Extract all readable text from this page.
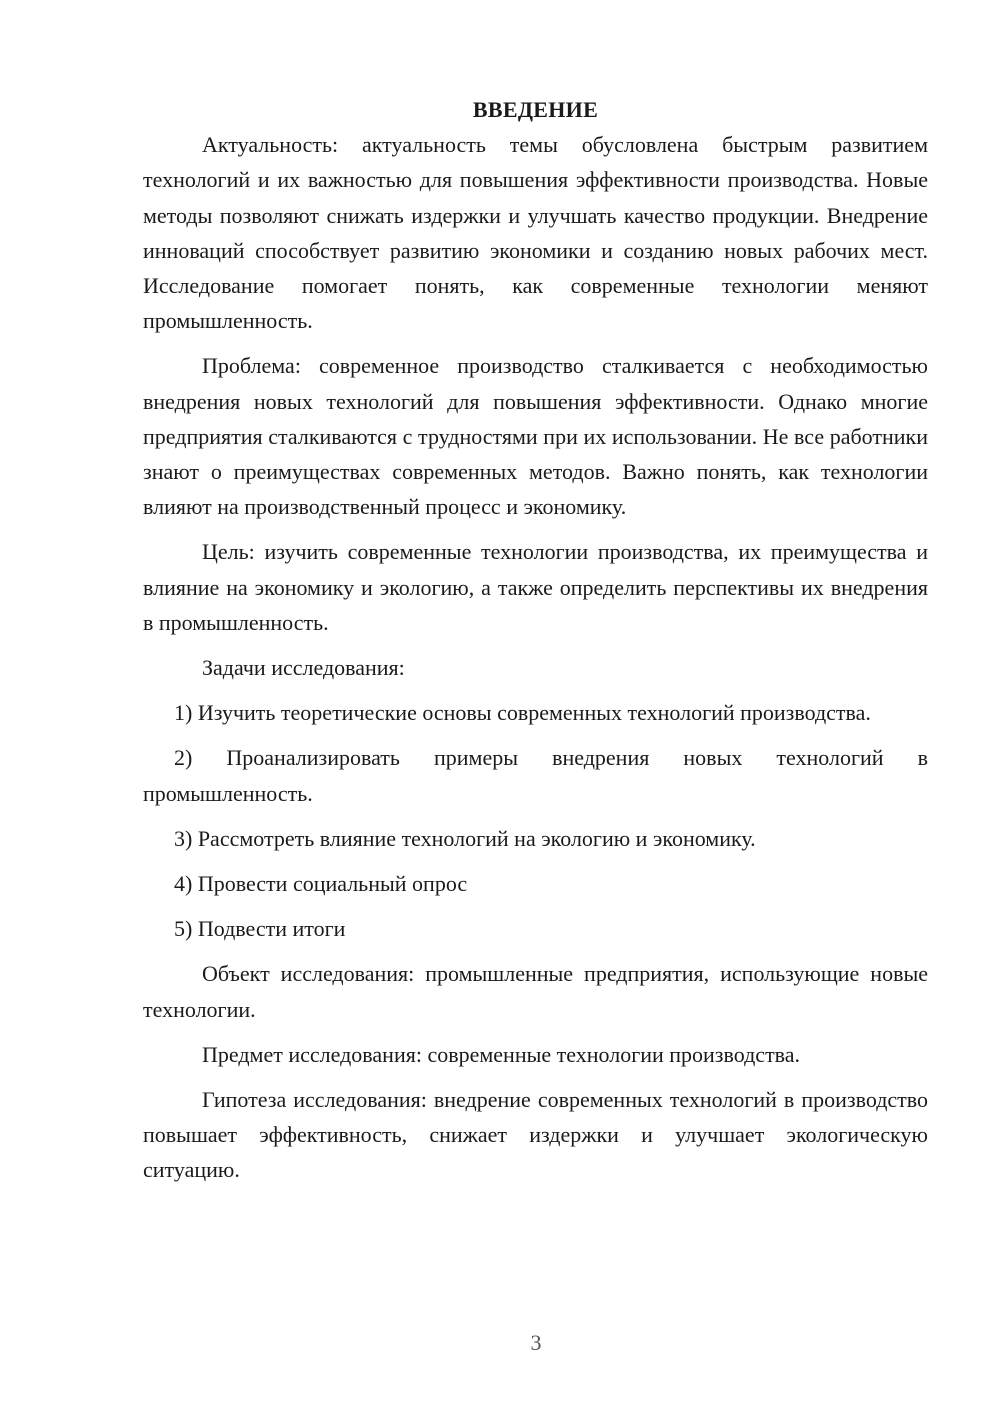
ВВЕДЕНИЕ

Актуальность: актуальность темы обусловлена быстрым развитием технологий и их важностью для повышения эффективности производства. Новые методы позволяют снижать издержки и улучшать качество продукции. Внедрение инноваций способствует развитию экономики и созданию новых рабочих мест. Исследование помогает понять, как современные технологии меняют промышленность.

Проблема: современное производство сталкивается с необходимостью внедрения новых технологий для повышения эффективности. Однако многие предприятия сталкиваются с трудностями при их использовании. Не все работники знают о преимуществах современных методов. Важно понять, как технологии влияют на производственный процесс и экономику.

Цель: изучить современные технологии производства, их преимущества и влияние на экономику и экологию, а также определить перспективы их внедрения в промышленность.

Задачи исследования:

1) Изучить теоретические основы современных технологий производства.

2) Проанализировать примеры внедрения новых технологий в промышленность.

3) Рассмотреть влияние технологий на экологию и экономику.

4) Провести социальный опрос

5) Подвести итоги

Объект исследования: промышленные предприятия, использующие новые технологии.

Предмет исследования: современные технологии производства.

Гипотеза исследования: внедрение современных технологий в производство повышает эффективность, снижает издержки и улучшает экологическую ситуацию.

3
